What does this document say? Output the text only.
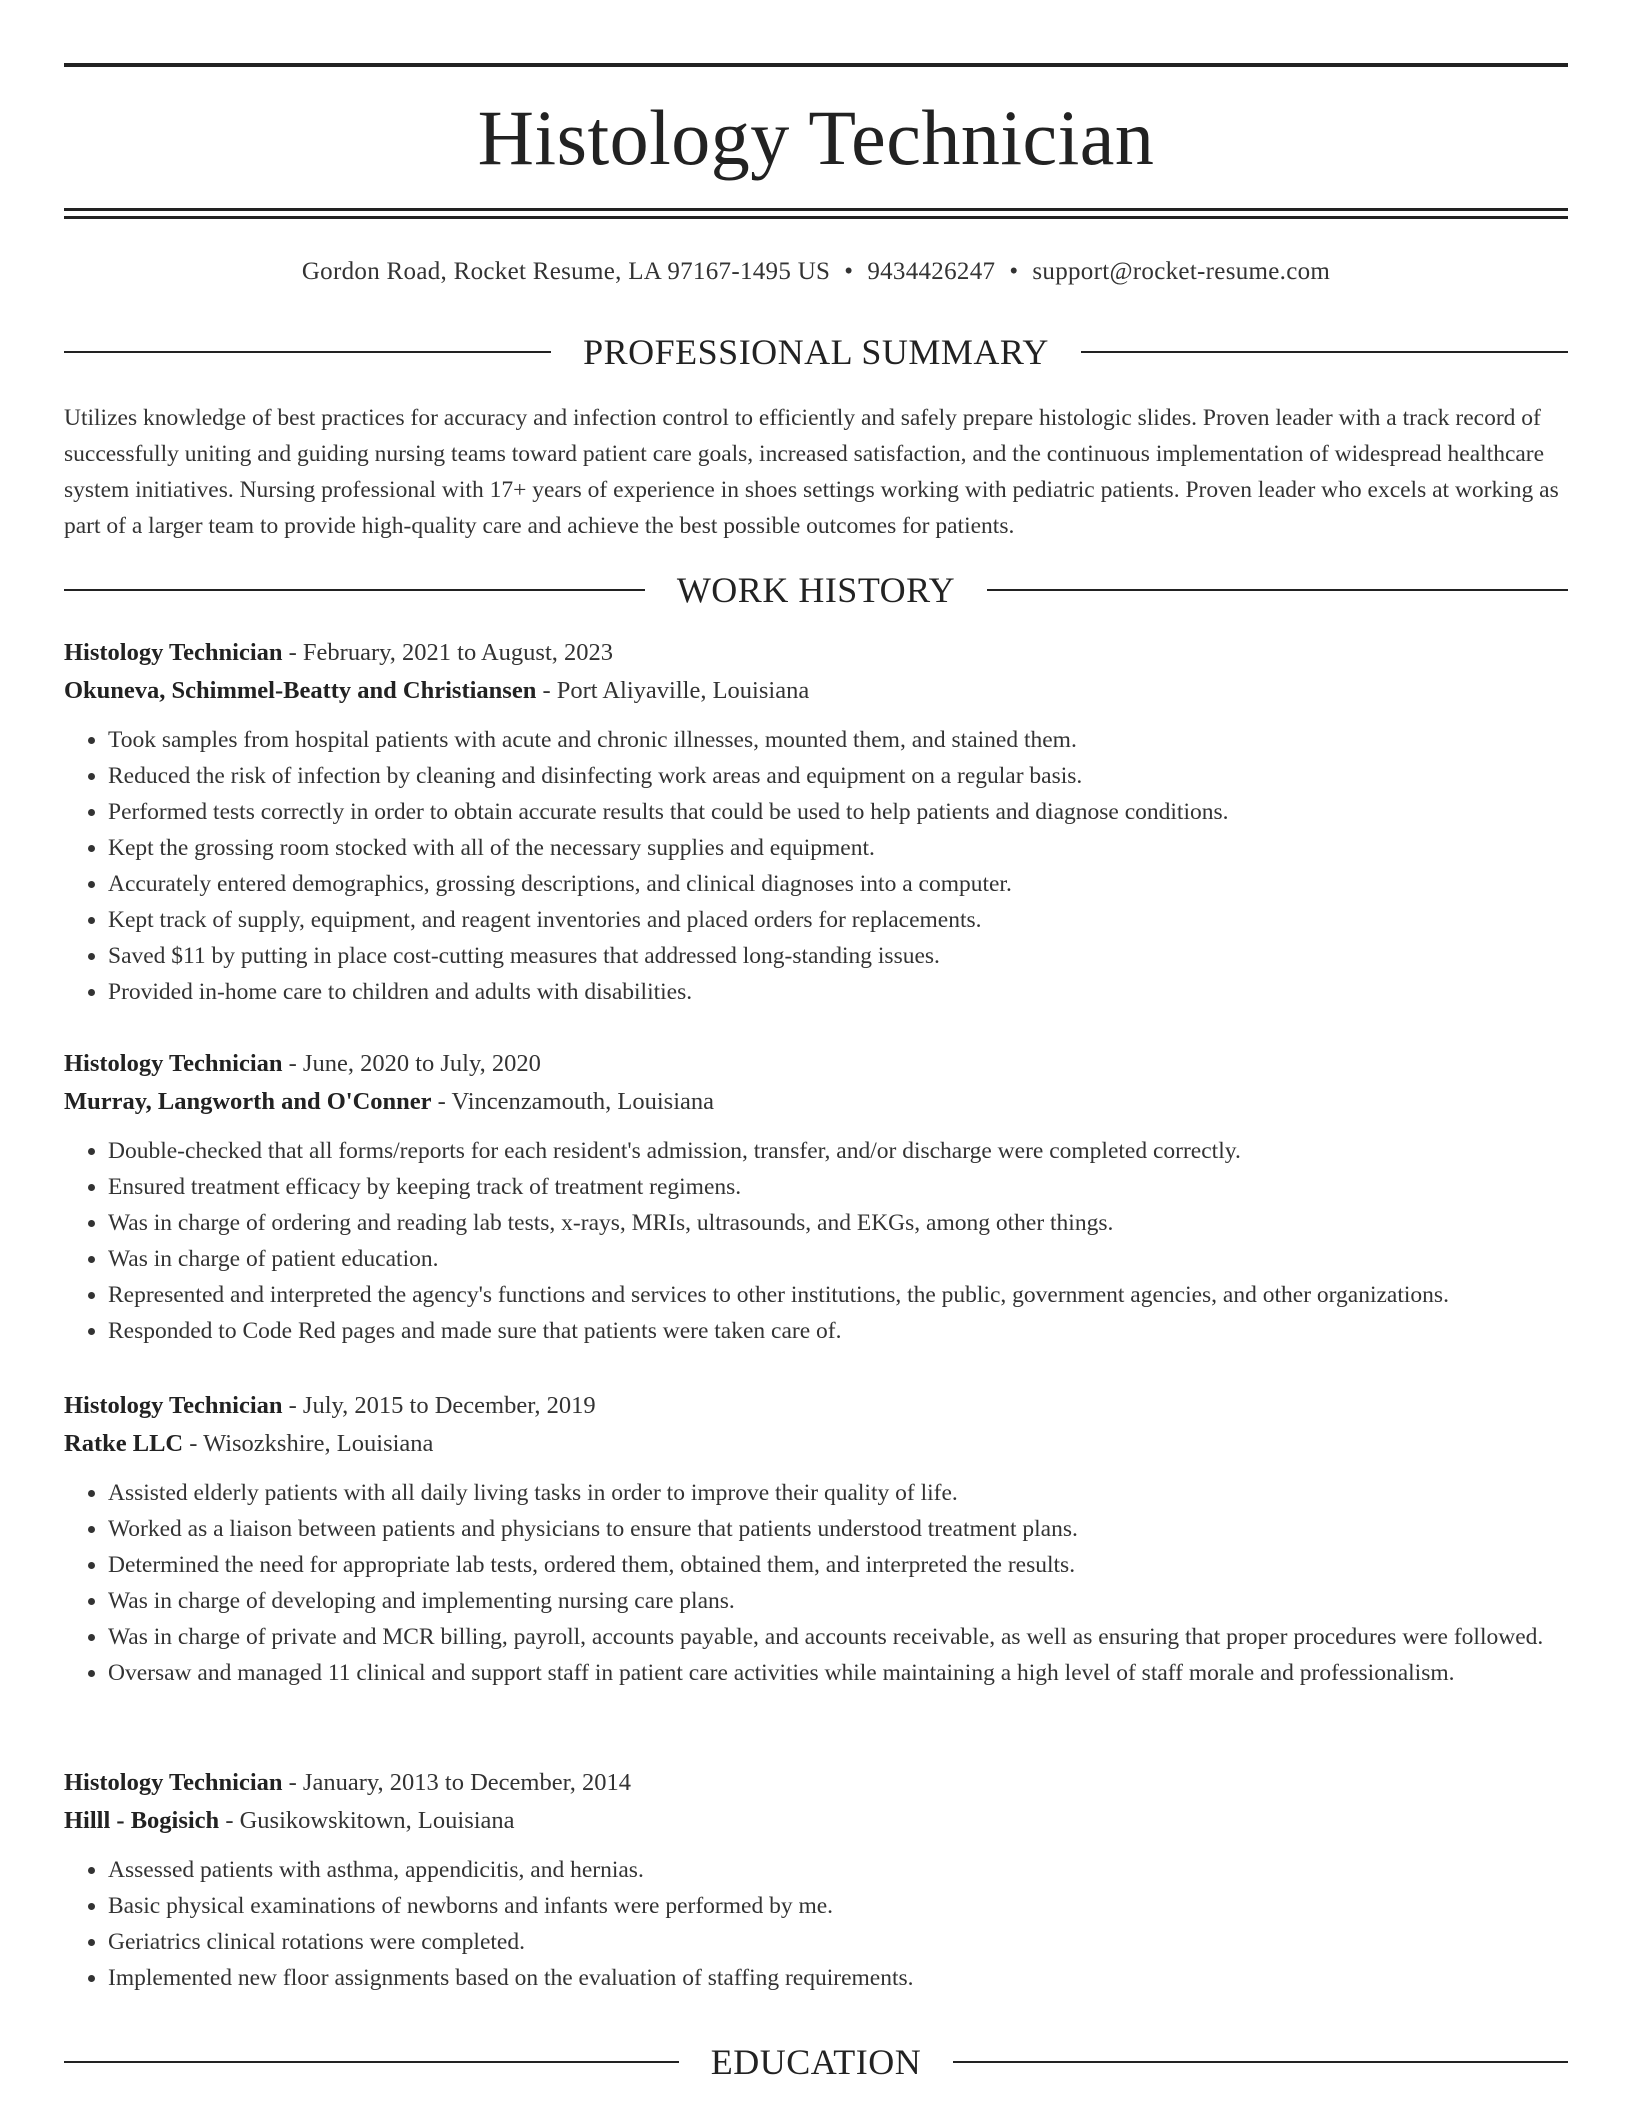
Histology Technician
Gordon Road, Rocket Resume, LA 97167-1495 US • 9434426247 • support@rocket-resume.com
PROFESSIONAL SUMMARY

Utilizes knowledge of best practices for accuracy and infection control to efficiently and safely prepare histologic slides. Proven leader with a track record of successfully uniting and guiding nursing teams toward patient care goals, increased satisfaction, and the continuous implementation of widespread healthcare system initiatives. Nursing professional with 17+ years of experience in shoes settings working with pediatric patients. Proven leader who excels at working as part of a larger team to provide high-quality care and achieve the best possible outcomes for patients.

WORK HISTORY
Histology Technician - February, 2021 to August, 2023
Okuneva, Schimmel-Beatty and Christiansen - Port Aliyaville, Louisiana
• Took samples from hospital patients with acute and chronic illnesses, mounted them, and stained them.
• Reduced the risk of infection by cleaning and disinfecting work areas and equipment on a regular basis.
• Performed tests correctly in order to obtain accurate results that could be used to help patients and diagnose conditions.
• Kept the grossing room stocked with all of the necessary supplies and equipment.
• Accurately entered demographics, grossing descriptions, and clinical diagnoses into a computer.
• Kept track of supply, equipment, and reagent inventories and placed orders for replacements.
• Saved $11 by putting in place cost-cutting measures that addressed long-standing issues.
• Provided in-home care to children and adults with disabilities.
Histology Technician - June, 2020 to July, 2020
Murray, Langworth and O'Conner - Vincenzamouth, Louisiana
• Double-checked that all forms/reports for each resident's admission, transfer, and/or discharge were completed correctly.
• Ensured treatment efficacy by keeping track of treatment regimens.
• Was in charge of ordering and reading lab tests, x-rays, MRIs, ultrasounds, and EKGs, among other things.
• Was in charge of patient education.
• Represented and interpreted the agency's functions and services to other institutions, the public, government agencies, and other organizations.
• Responded to Code Red pages and made sure that patients were taken care of.
Histology Technician - July, 2015 to December, 2019
Ratke LLC - Wisozkshire, Louisiana
• Assisted elderly patients with all daily living tasks in order to improve their quality of life.
• Worked as a liaison between patients and physicians to ensure that patients understood treatment plans.
• Determined the need for appropriate lab tests, ordered them, obtained them, and interpreted the results.
• Was in charge of developing and implementing nursing care plans.
• Was in charge of private and MCR billing, payroll, accounts payable, and accounts receivable, as well as ensuring that proper procedures were followed.
• Oversaw and managed 11 clinical and support staff in patient care activities while maintaining a high level of staff morale and professionalism.
Histology Technician - January, 2013 to December, 2014
Hilll - Bogisich - Gusikowskitown, Louisiana
• Assessed patients with asthma, appendicitis, and hernias.
• Basic physical examinations of newborns and infants were performed by me.
• Geriatrics clinical rotations were completed.
• Implemented new floor assignments based on the evaluation of staffing requirements.
EDUCATION
